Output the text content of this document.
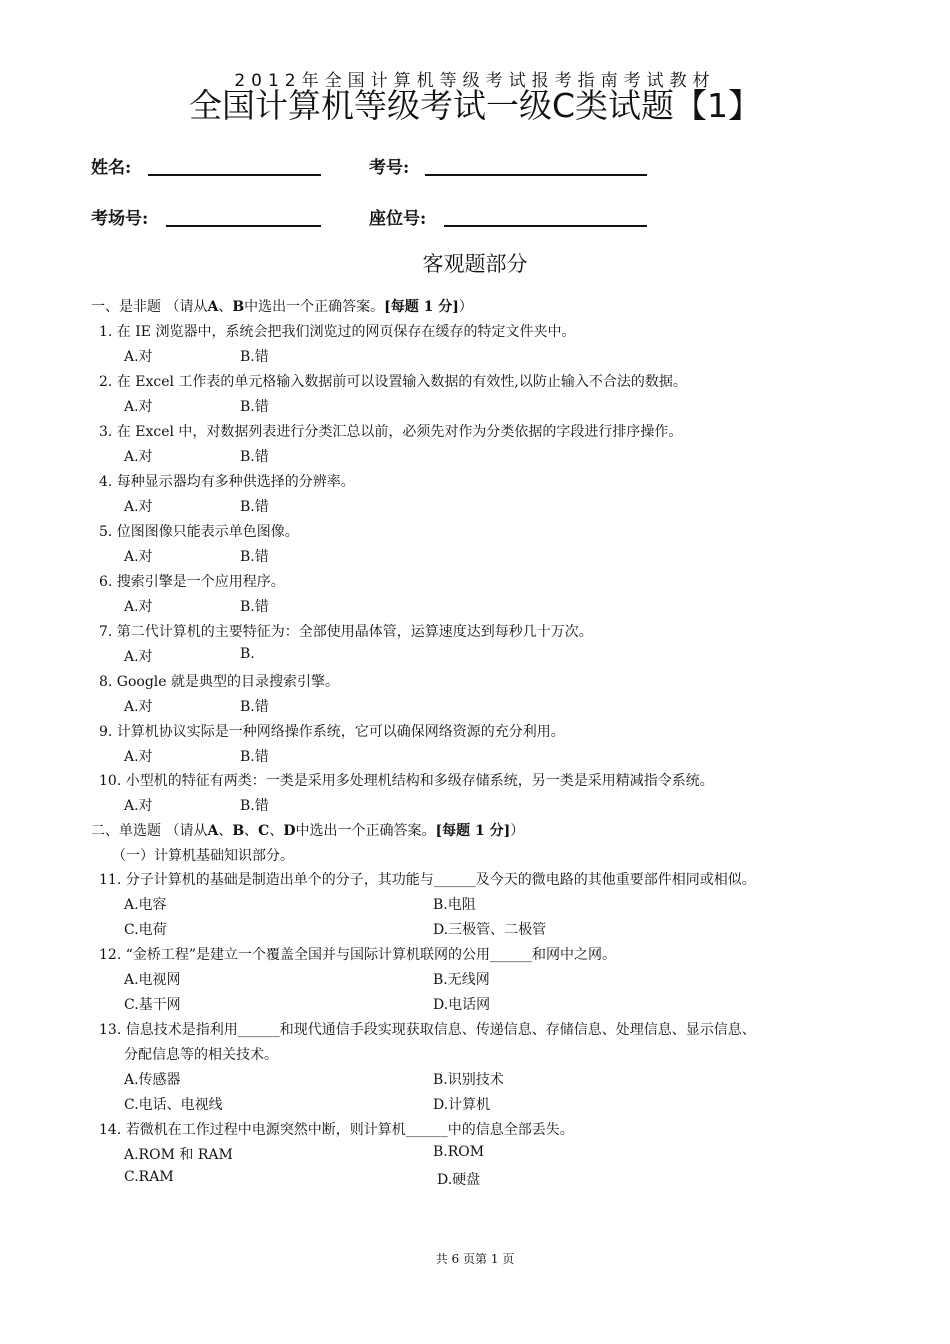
2012年全国计算机等级考试报考指南考试教材
全国计算机等级考试一级C类试题【1】
姓名:	考号:
考场号:	座位号:
客观题部分
一、是非题 （请从A、B中选出一个正确答案。[每题 1 分]）
1. 在 IE 浏览器中，系统会把我们浏览过的网页保存在缓存的特定文件夹中。
A.对	B.错
2. 在 Excel 工作表的单元格输入数据前可以设置输入数据的有效性,以防止输入不合法的数据。
A.对	B.错
3. 在 Excel 中，对数据列表进行分类汇总以前，必须先对作为分类依据的字段进行排序操作。
A.对	B.错
4. 每种显示器均有多种供选择的分辨率。
A.对	B.错
5. 位图图像只能表示单色图像。
A.对	B.错
6. 搜索引擎是一个应用程序。
A.对	B.错
7. 第二代计算机的主要特征为：全部使用晶体管，运算速度达到每秒几十万次。
A.对	B.
8. Google 就是典型的目录搜索引擎。
A.对	B.错
9. 计算机协议实际是一种网络操作系统，它可以确保网络资源的充分利用。
A.对	B.错
10. 小型机的特征有两类：一类是采用多处理机结构和多级存储系统，另一类是采用精减指令系统。
A.对	B.错
二、单选题 （请从A、B、C、D中选出一个正确答案。[每题 1 分]）
（一）计算机基础知识部分。
11. 分子计算机的基础是制造出单个的分子，其功能与______及今天的微电路的其他重要部件相同或相似。
A.电容	B.电阻
C.电荷	D.三极管、二极管
12. “金桥工程”是建立一个覆盖全国并与国际计算机联网的公用______和网中之网。
A.电视网	B.无线网
C.基干网	D.电话网
13. 信息技术是指利用______和现代通信手段实现获取信息、传递信息、存储信息、处理信息、显示信息、
分配信息等的相关技术。
A.传感器	B.识别技术
C.电话、电视线	D.计算机
14. 若微机在工作过程中电源突然中断，则计算机______中的信息全部丢失。
A.ROM 和 RAM	B.ROM
C.RAM	D.硬盘
共 6 页第 1 页
